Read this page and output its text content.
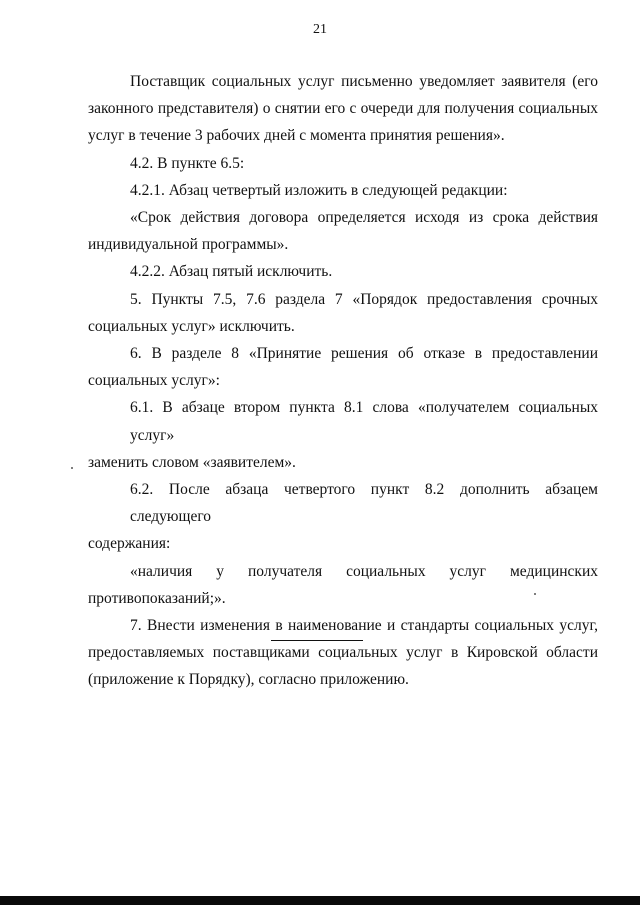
21
Поставщик социальных услуг письменно уведомляет заявителя (его
законного представителя) о снятии его с очереди для получения социальных
услуг в течение 3 рабочих дней с момента принятия решения».
4.2. В пункте 6.5:
4.2.1. Абзац четвертый изложить в следующей редакции:
«Срок действия договора определяется исходя из срока действия
индивидуальной программы».
4.2.2. Абзац пятый исключить.
5. Пункты 7.5, 7.6 раздела 7 «Порядок предоставления срочных
социальных услуг» исключить.
6. В разделе 8 «Принятие решения об отказе в предоставлении
социальных услуг»:
6.1. В абзаце втором пункта 8.1 слова «получателем социальных услуг»
заменить словом «заявителем».
6.2. После абзаца четвертого пункт 8.2 дополнить абзацем следующего
содержания:
«наличия у получателя социальных услуг медицинских
противопоказаний;».
7. Внести изменения в наименование и стандарты социальных услуг,
предоставляемых поставщиками социальных услуг в Кировской области
(приложение к Порядку), согласно приложению.
